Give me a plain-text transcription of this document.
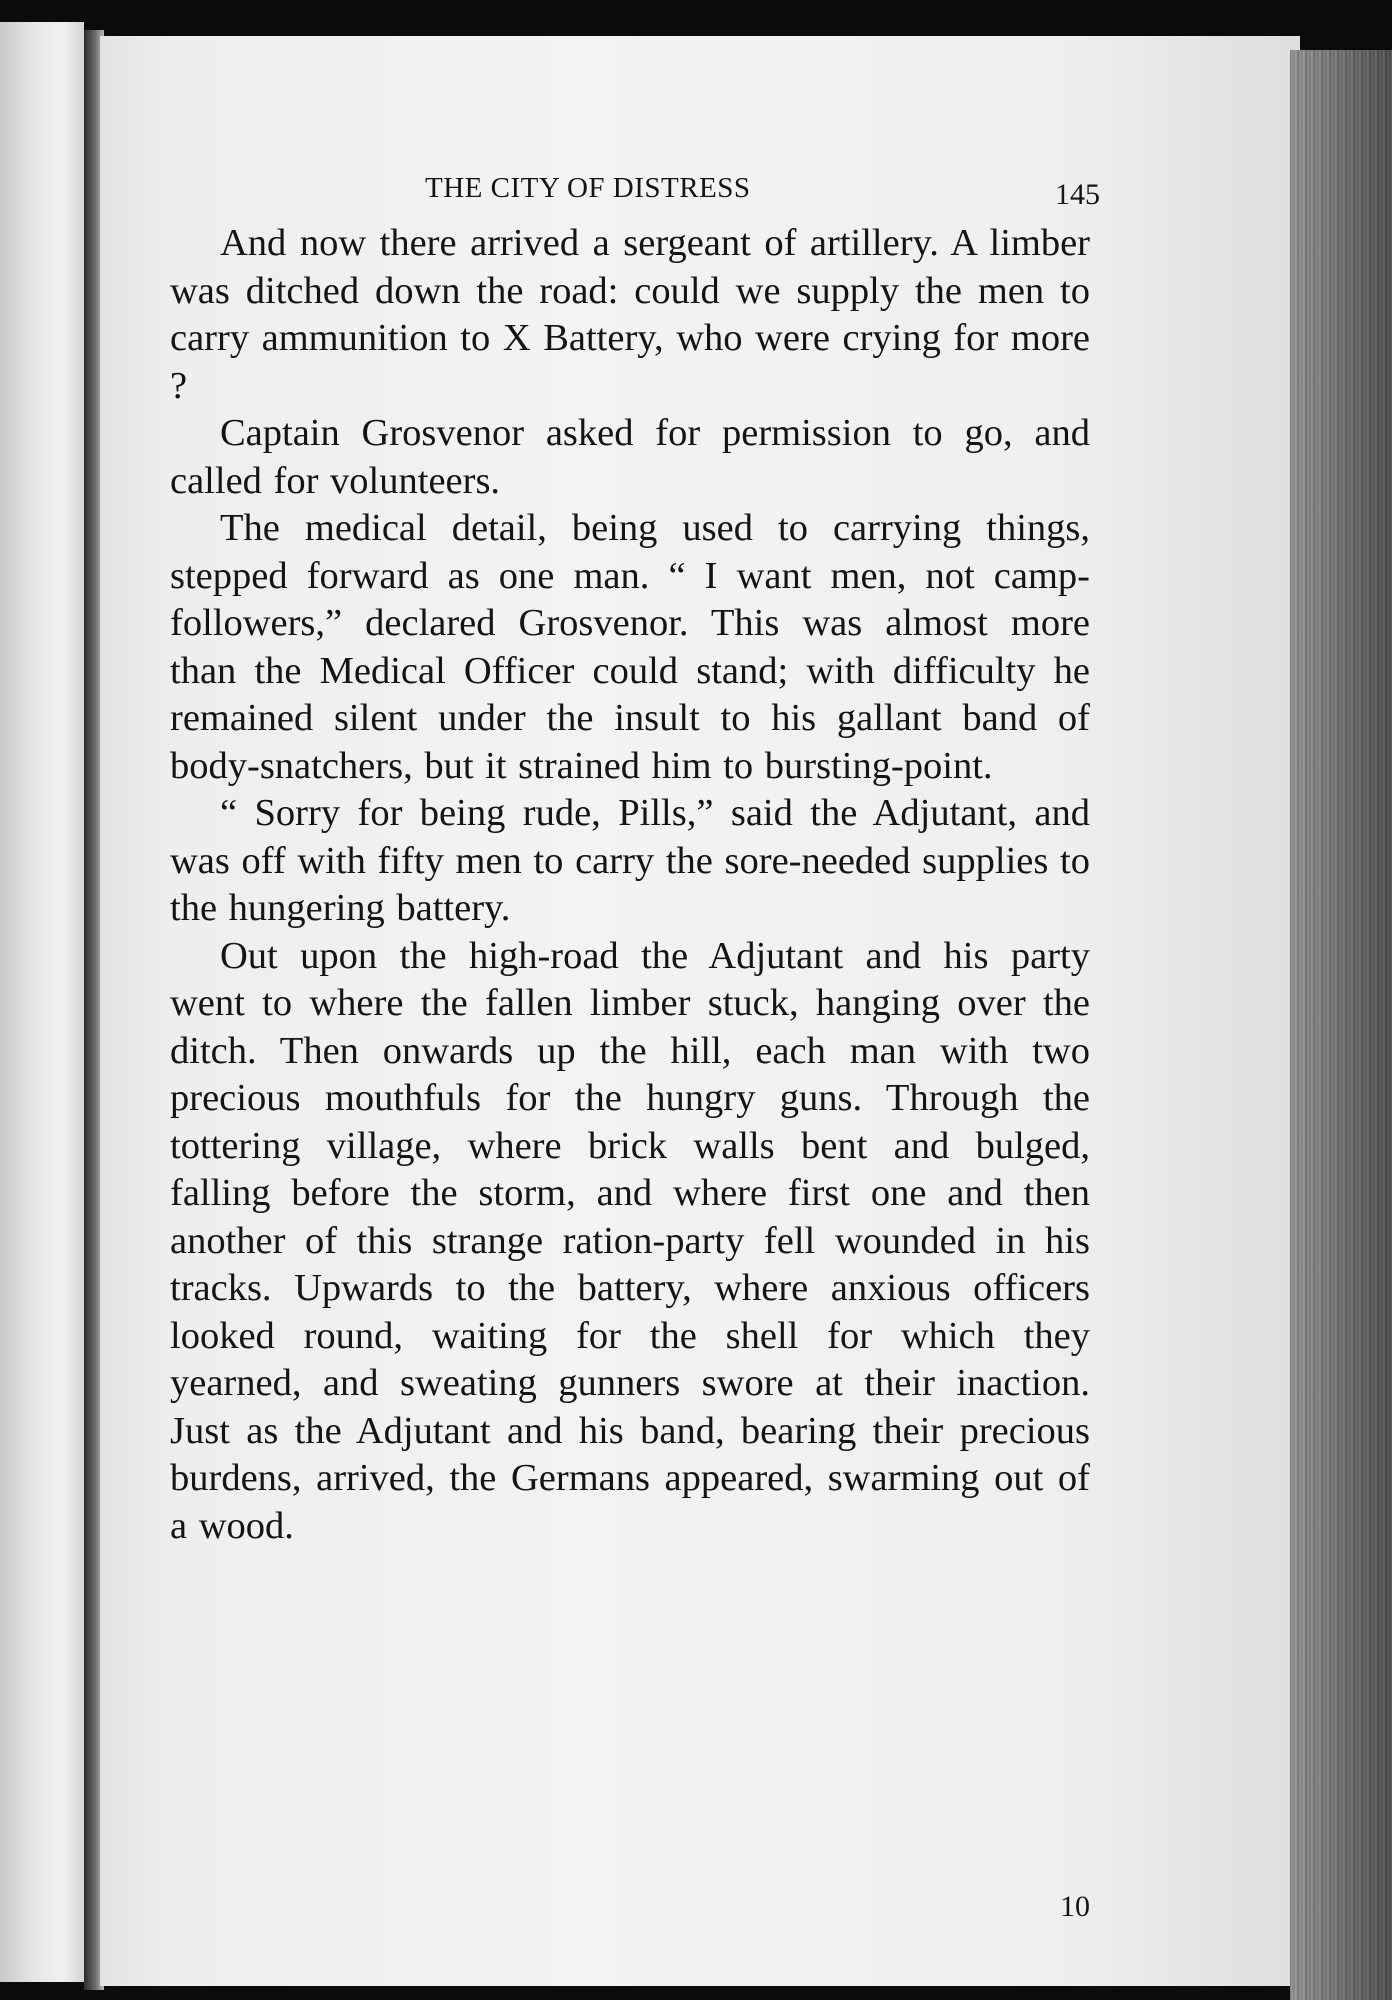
THE CITY OF DISTRESS	145

And now there arrived a sergeant of artillery. A limber was ditched down the road: could we supply the men to carry ammunition to X Battery, who were crying for more ?

Captain Grosvenor asked for permission to go, and called for volunteers.

The medical detail, being used to carrying things, stepped forward as one man. “ I want men, not camp-followers,” declared Grosvenor. This was almost more than the Medical Officer could stand; with difficulty he remained silent under the insult to his gallant band of body-snatchers, but it strained him to bursting-point.

“ Sorry for being rude, Pills,” said the Adjutant, and was off with fifty men to carry the sore-needed supplies to the hungering battery.

Out upon the high-road the Adjutant and his party went to where the fallen limber stuck, hanging over the ditch. Then onwards up the hill, each man with two precious mouthfuls for the hungry guns. Through the tottering village, where brick walls bent and bulged, falling before the storm, and where first one and then another of this strange ration-party fell wounded in his tracks. Upwards to the battery, where anxious officers looked round, waiting for the shell for which they yearned, and sweating gunners swore at their inaction. Just as the Adjutant and his band, bearing their precious burdens, arrived, the Germans appeared, swarming out of a wood.

10
